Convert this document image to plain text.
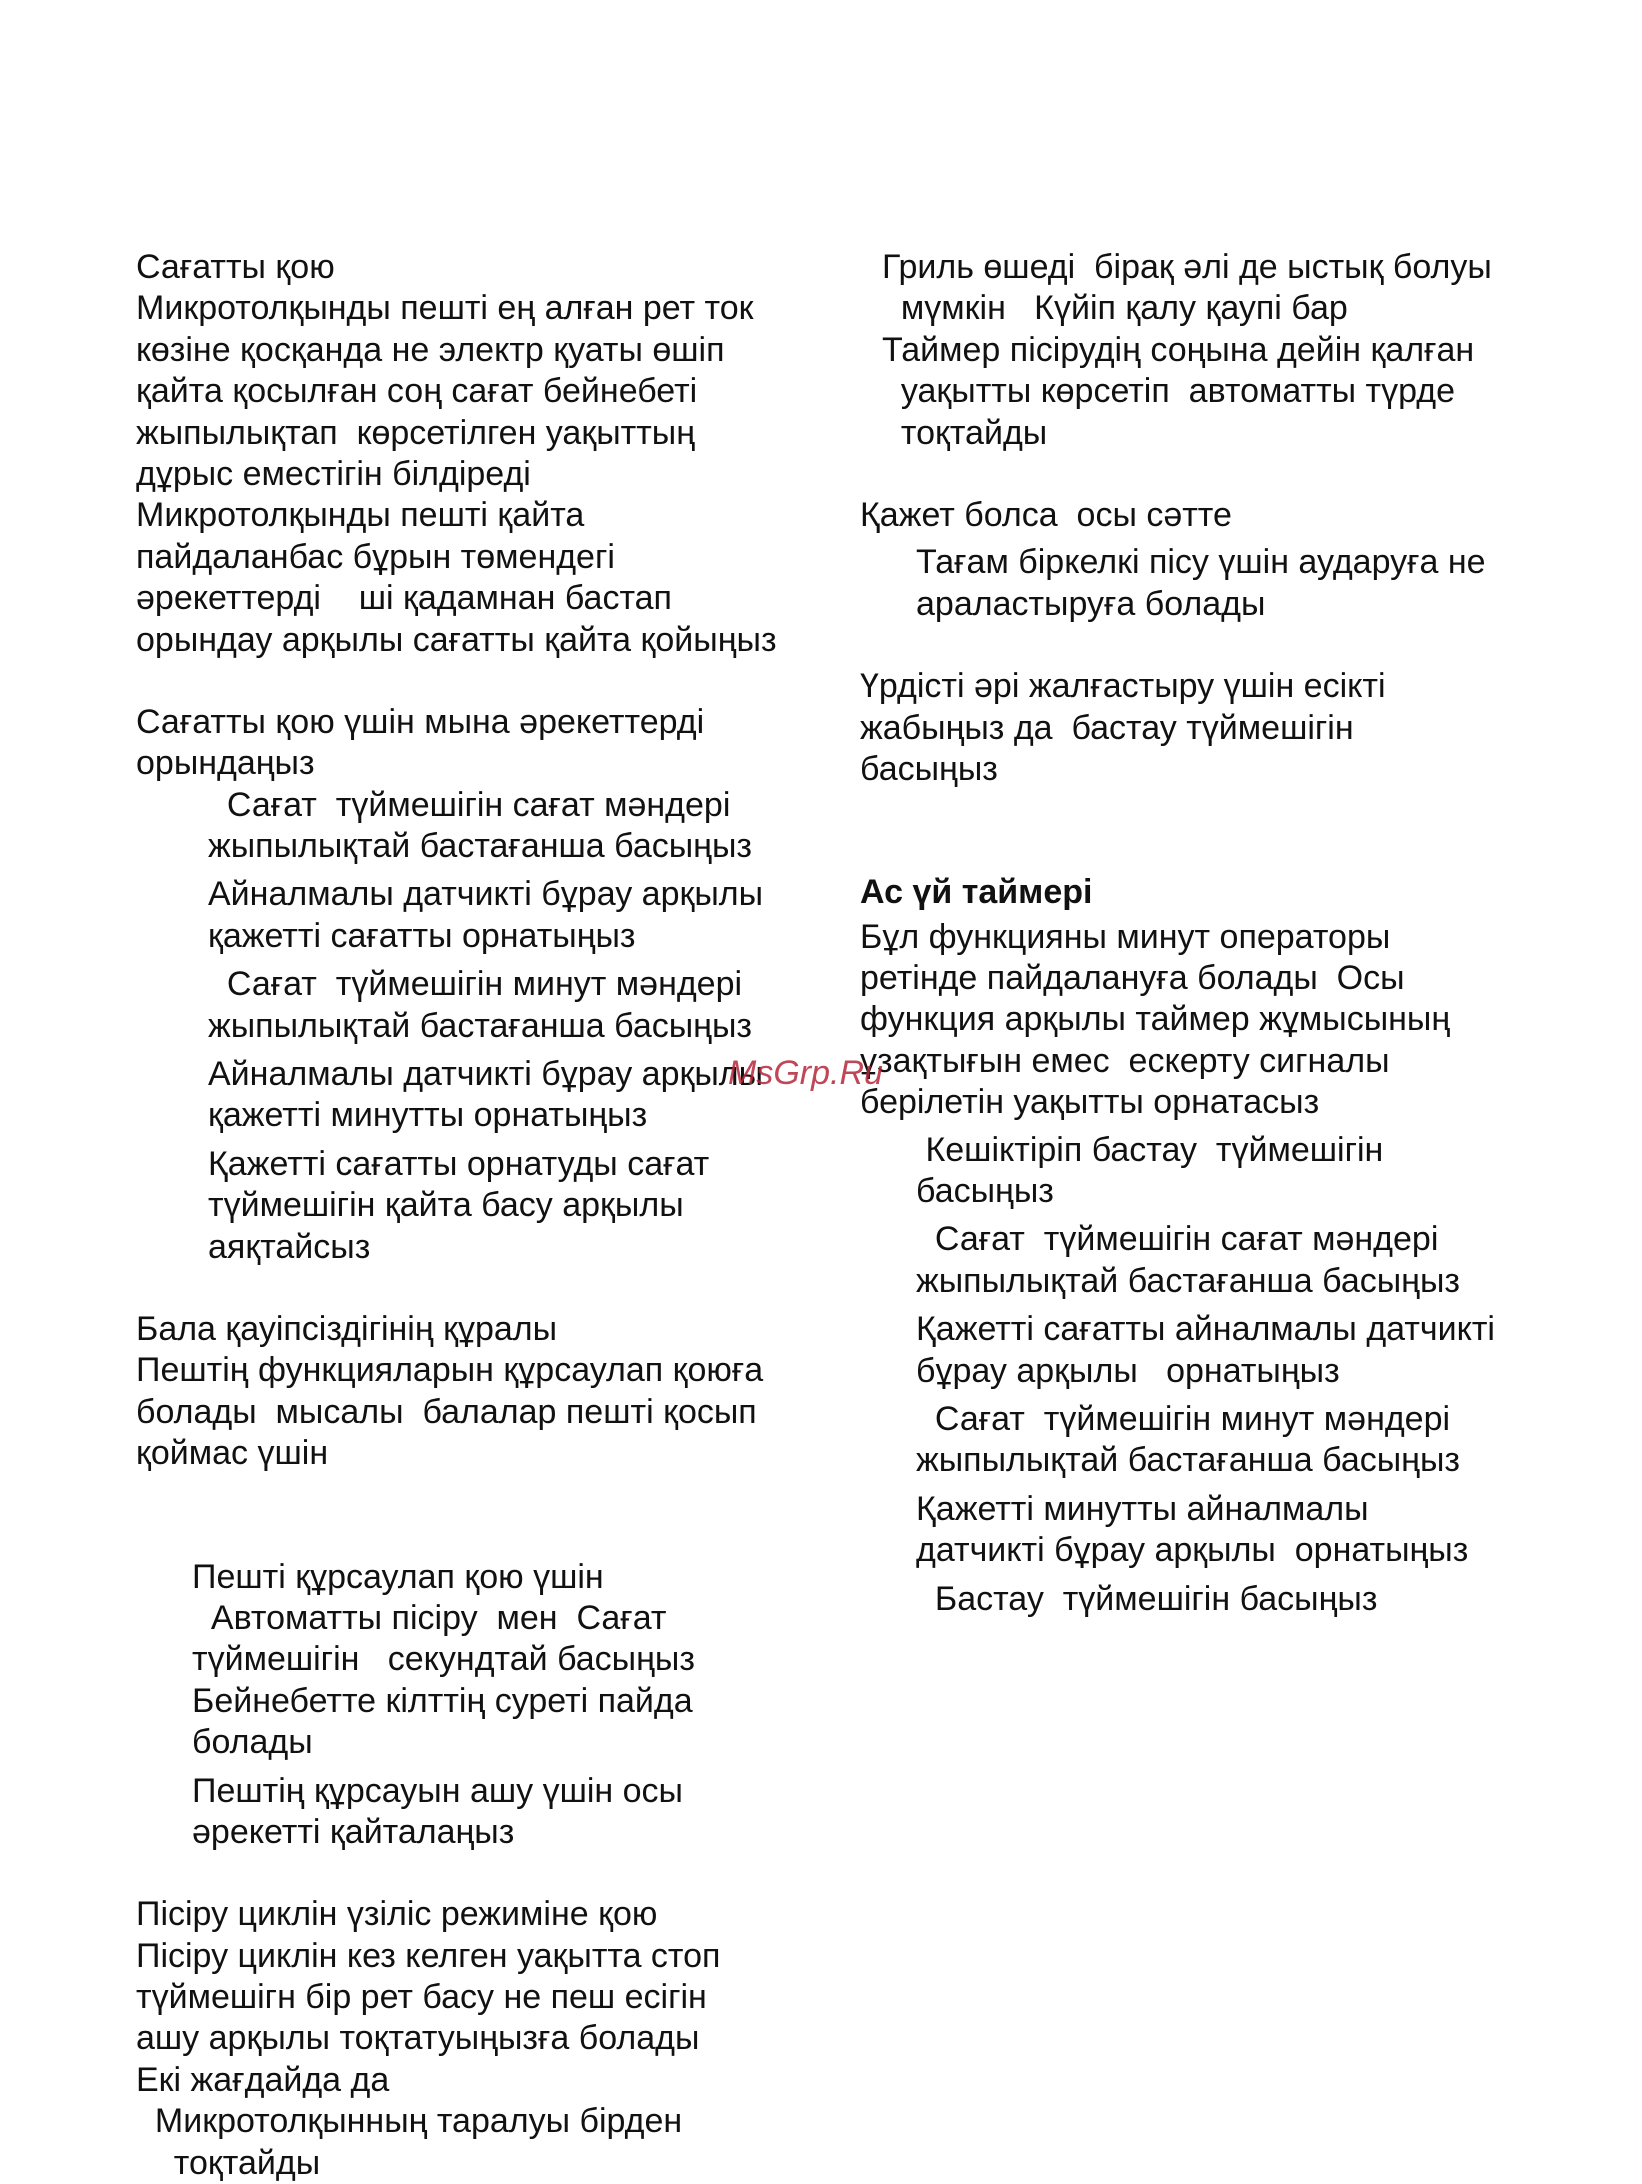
Сағатты қою
Микротолқынды пешті ең алған рет ток
көзіне қосқанда не электр қуаты өшіп
қайта қосылған соң сағат бейнебеті
жыпылықтап  көрсетілген уақыттың
дұрыс еместігін білдіреді
Микротолқынды пешті қайта
пайдаланбас бұрын төмендегі
әрекеттерді    ші қадамнан бастап
орындау арқылы сағатты қайта қойыңыз
Сағатты қою үшін мына әрекеттерді
орындаңыз
Сағат  түймешігін сағат мәндері
жыпылықтай бастағанша басыңыз
Айналмалы датчикті бұрау арқылы
қажетті сағатты орнатыңыз
Сағат  түймешігін минут мәндері
жыпылықтай бастағанша басыңыз
Айналмалы датчикті бұрау арқылы
қажетті минутты орнатыңыз
Қажетті сағатты орнатуды сағат
түймешігін қайта басу арқылы
аяқтайсыз
Бала қауіпсіздігінің құралы
Пештің функцияларын құрсаулап қоюға
болады  мысалы  балалар пешті қосып
қоймас үшін
Пешті құрсаулап қою үшін
Автоматты пісіру  мен  Сағат
түймешігін   секундтай басыңыз
Бейнебетте кілттің суреті пайда
болады
Пештің құрсауын ашу үшін осы
әрекетті қайталаңыз
Пісіру циклін үзіліс режиміне қою
Пісіру циклін кез келген уақытта стоп
түймешігн бір рет басу не пеш есігін
ашу арқылы тоқтатуыңызға болады
Екі жағдайда да
Микротолқынның таралуы бірден
тоқтайды
Гриль өшеді  бірақ әлі де ыстық болуы
мүмкін   Күйіп қалу қаупі бар
Таймер пісірудің соңына дейін қалған
уақытты көрсетіп  автоматты түрде
тоқтайды
Қажет болса  осы сәтте
Тағам біркелкі пісу үшін аударуға не
араластыруға болады
Үрдісті әрі жалғастыру үшін есікті
жабыңыз да  бастау түймешігін
басыңыз
Ас үй таймері
Бұл функцияны минут операторы
ретінде пайдалануға болады  Осы
функция арқылы таймер жұмысының
ұзақтығын емес  ескерту сигналы
берілетін уақытты орнатасыз
Кешіктіріп бастау  түймешігін
басыңыз
Сағат  түймешігін сағат мәндері
жыпылықтай бастағанша басыңыз
Қажетті сағатты айналмалы датчикті
бұрау арқылы   орнатыңыз
Сағат  түймешігін минут мәндері
жыпылықтай бастағанша басыңыз
Қажетті минутты айналмалы
датчикті бұрау арқылы  орнатыңыз
Бастау  түймешігін басыңыз
MsGrp.Ru
